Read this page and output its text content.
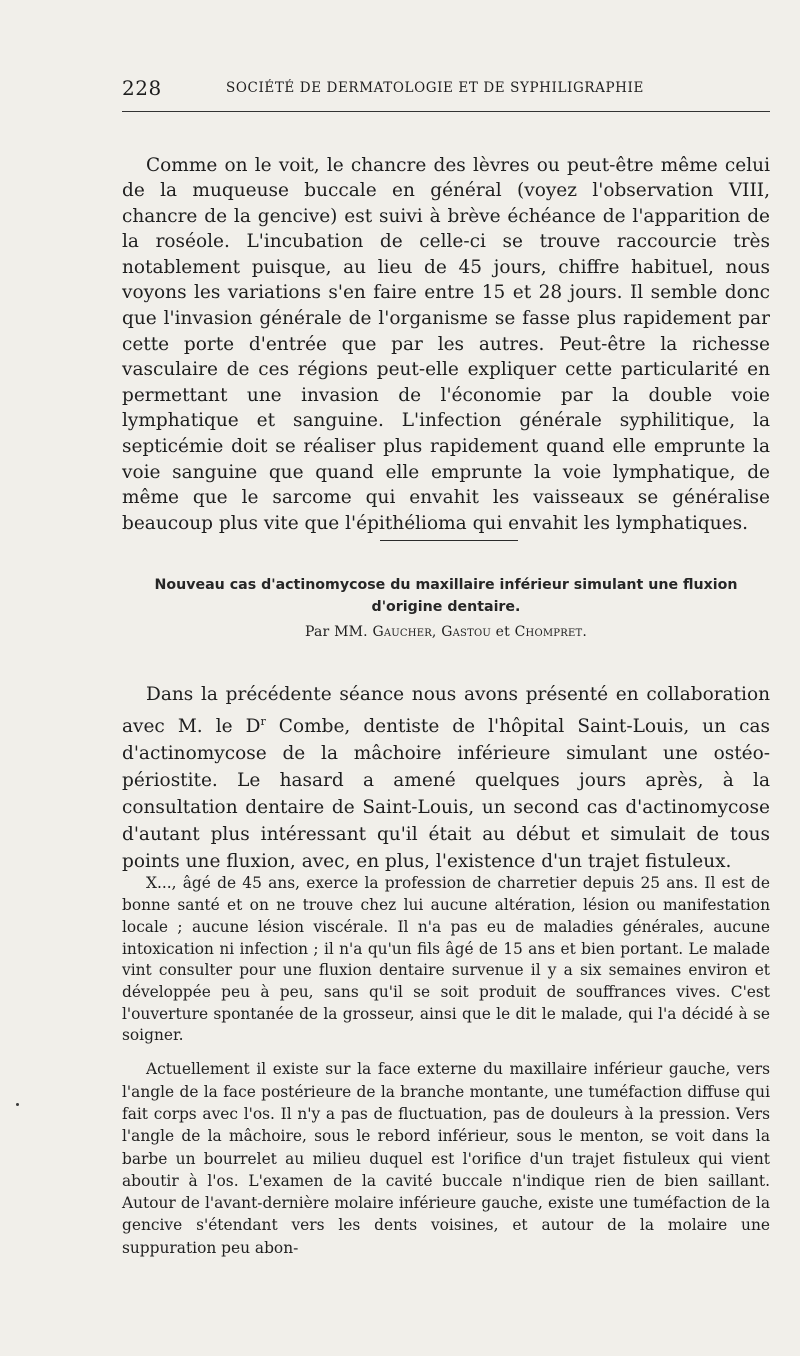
228	SOCIÉTÉ DE DERMATOLOGIE ET DE SYPHILIGRAPHIE

Comme on le voit, le chancre des lèvres ou peut-être même celui de la muqueuse buccale en général (voyez l'observation VIII, chancre de la gencive) est suivi à brève échéance de l'apparition de la roséole. L'incubation de celle-ci se trouve raccourcie très notablement puisque, au lieu de 45 jours, chiffre habituel, nous voyons les variations s'en faire entre 15 et 28 jours. Il semble donc que l'invasion générale de l'organisme se fasse plus rapidement par cette porte d'entrée que par les autres. Peut-être la richesse vasculaire de ces régions peut-elle expliquer cette particularité en permettant une invasion de l'économie par la double voie lymphatique et sanguine. L'infection générale syphilitique, la septicémie doit se réaliser plus rapidement quand elle emprunte la voie sanguine que quand elle emprunte la voie lymphatique, de même que le sarcome qui envahit les vaisseaux se généralise beaucoup plus vite que l'épithélioma qui envahit les lymphatiques.

Nouveau cas d'actinomycose du maxillaire inférieur simulant une fluxion d'origine dentaire.
Par MM. Gaucher, Gastou et Chompret.

Dans la précédente séance nous avons présenté en collaboration avec M. le $D^r$ Combe, dentiste de l'hôpital Saint-Louis, un cas d'actinomycose de la mâchoire inférieure simulant une ostéo-périostite. Le hasard a amené quelques jours après, à la consultation dentaire de Saint-Louis, un second cas d'actinomycose d'autant plus intéressant qu'il était au début et simulait de tous points une fluxion, avec, en plus, l'existence d'un trajet fistuleux.

X..., âgé de 45 ans, exerce la profession de charretier depuis 25 ans. Il est de bonne santé et on ne trouve chez lui aucune altération, lésion ou manifestation locale ; aucune lésion viscérale. Il n'a pas eu de maladies générales, aucune intoxication ni infection ; il n'a qu'un fils âgé de 15 ans et bien portant. Le malade vint consulter pour une fluxion dentaire survenue il y a six semaines environ et développée peu à peu, sans qu'il se soit produit de souffrances vives. C'est l'ouverture spontanée de la grosseur, ainsi que le dit le malade, qui l'a décidé à se soigner.

Actuellement il existe sur la face externe du maxillaire inférieur gauche, vers l'angle de la face postérieure de la branche montante, une tuméfaction diffuse qui fait corps avec l'os. Il n'y a pas de fluctuation, pas de douleurs à la pression. Vers l'angle de la mâchoire, sous le rebord inférieur, sous le menton, se voit dans la barbe un bourrelet au milieu duquel est l'orifice d'un trajet fistuleux qui vient aboutir à l'os. L'examen de la cavité buccale n'indique rien de bien saillant. Autour de l'avant-dernière molaire inférieure gauche, existe une tuméfaction de la gencive s'étendant vers les dents voisines, et autour de la molaire une suppuration peu abon-
